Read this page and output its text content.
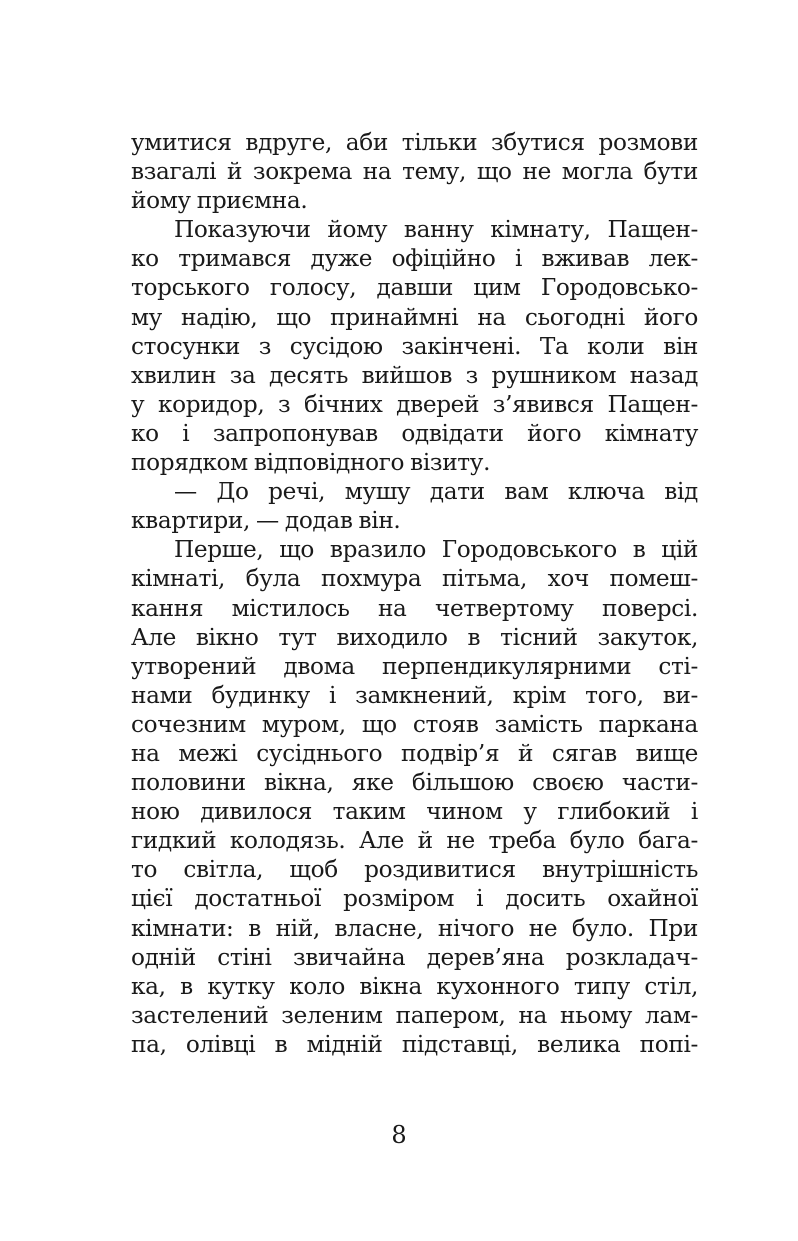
умитися вдруге, аби тільки збутися розмови
взагалі й зокрема на тему, що не могла бути
йому приємна.
Показуючи йому ванну кімнату, Пащен-
ко тримався дуже офіційно і вживав лек-
торського голосу, давши цим Городовсько-
му надію, що принаймні на сьогодні його
стосунки з сусідою закінчені. Та коли він
хвилин за десять вийшов з рушником назад
у коридор, з бічних дверей з’явився Пащен-
ко і запропонував одвідати його кімнату
порядком відповідного візиту.
— До речі, мушу дати вам ключа від
квартири, — додав він.
Перше, що вразило Городовського в цій
кімнаті, була похмура пітьма, хоч помеш-
кання містилось на четвертому поверсі.
Але вікно тут виходило в тісний закуток,
утворений двома перпендикулярними сті-
нами будинку і замкнений, крім того, ви-
сочезним муром, що стояв замість паркана
на межі сусіднього подвір’я й сягав вище
половини вікна, яке більшою своєю части-
ною дивилося таким чином у глибокий і
гидкий колодязь. Але й не треба було бага-
то світла, щоб роздивитися внутрішність
цієї достатньої розміром і досить охайної
кімнати: в ній, власне, нічого не було. При
одній стіні звичайна дерев’яна розкладач-
ка, в кутку коло вікна кухонного типу стіл,
застелений зеленим папером, на ньому лам-
па, олівці в мідній підставці, велика попі-
8
